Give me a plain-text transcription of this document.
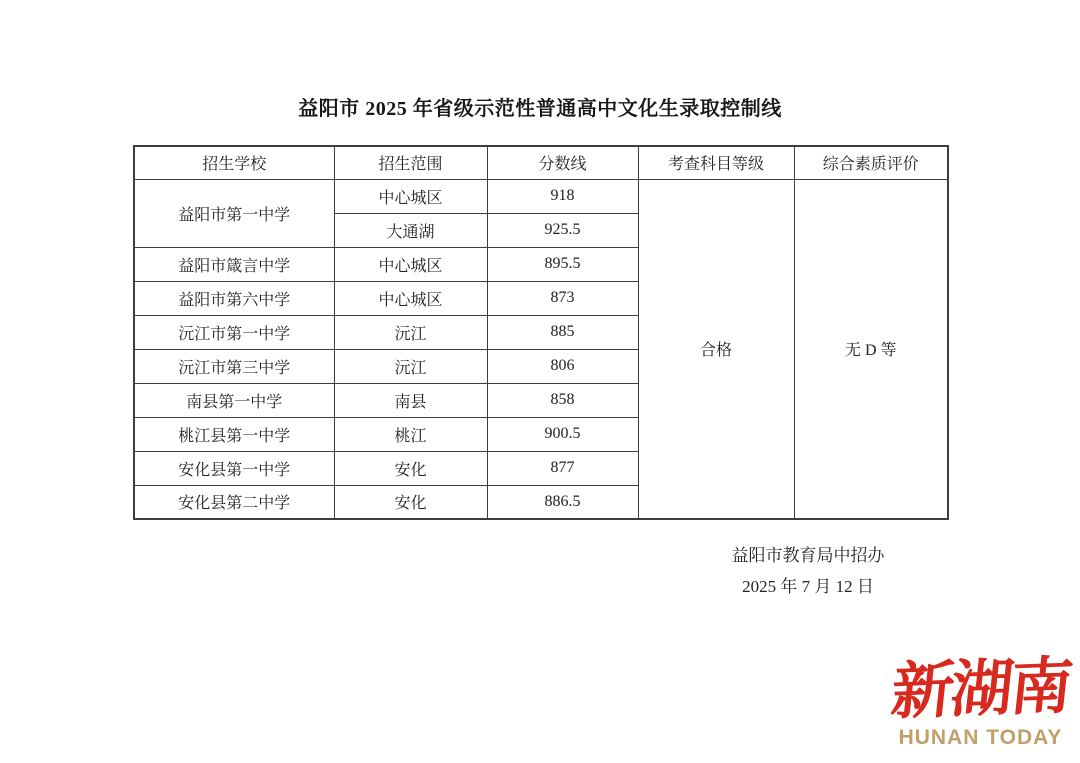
益阳市 2025 年省级示范性普通高中文化生录取控制线
招生学校	招生范围	分数线	考查科目等级	综合素质评价
益阳市第一中学	中心城区	918	合格	无 D 等
	大通湖	925.5		
益阳市箴言中学	中心城区	895.5		
益阳市第六中学	中心城区	873		
沅江市第一中学	沅江	885		
沅江市第三中学	沅江	806		
南县第一中学	南县	858		
桃江县第一中学	桃江	900.5		
安化县第一中学	安化	877		
安化县第二中学	安化	886.5		
益阳市教育局中招办
2025 年 7 月 12 日
新湖南
HUNAN TODAY
